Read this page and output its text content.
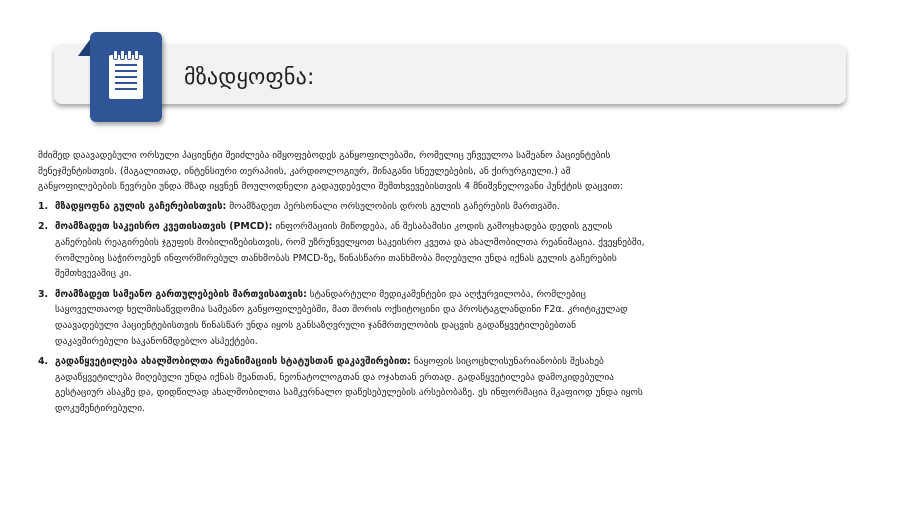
მზადყოფნა:

მძიმედ დაავადებული ორსული პაციენტი შეიძლება იმყოფებოდეს განყოფილებაში, რომელიც უჩვეულოა სამეანო პაციენტების მენეჯმენტისთვის. (მაგალითად, ინტენსიური თერაპიის, კარდიოლოგიურ, შინაგანი სნეულებების, ან ქირურგიული.) ამ განყოფილებების წევრები უნდა მზად იყვნენ მოულოდნელი გადაუდებელი შემთხვევებისთვის 4 მნიშვნელოვანი პუნქტის დაცვით:

1. მზადყოფნა გულის გაჩერებისთვის: მოამზადეთ პერსონალი ორსულობის დროს გულის გაჩერების მართვაში.
2. მოამზადეთ საკეისრო კვეთისათვის (PMCD): ინფორმაციის მიწოდება, ან შესაბამისი კოდის გამოცხადება დედის გულის გაჩერების რეაგირების ჯგუფის მობილიზებისთვის, რომ უზრუნველყოთ საკეისრო კვეთა და ახალშობილთა რეანიმაცია. ქვეყნებში, რომლებიც საჭიროებენ ინფორმირებულ თანხმობას PMCD-ზე, წინასწარი თანხმობა მიღებული უნდა იქნას გულის გაჩერების შემთხვევაშიც კი.
3. მოამზადეთ სამეანო გართულებების მართვისათვის: სტანდარტული მედიკამენტები და აღჭურვილობა, რომლებიც საყოველთაოდ ხელმისაწვდომია სამეანო განყოფილებებში, მათ შორის ოქსიტოცინი და პროსტაგლანდინი F2α. კრიტიკულად დაავადებული პაციენტებისთვის წინასწარ უნდა იყოს განსაზღვრული ჯანმრთელობის დაცვის გადაწყვეტილებებთან დაკავშირებული საკანონმდებლო ასპექტები.
4. გადაწყვეტილება ახალშობილთა რეანიმაციის სტატუსთან დაკავშირებით: ნაყოფის სიცოცხლისუნარიანობის შესახებ გადაწყვეტილება მიღებული უნდა იქნას მეანთან, ნეონატოლოგთან და ოჯახთან ერთად. გადაწყვეტილება დამოკიდებულია გესტაციურ ასაკზე და, დიდწილად ახალშობილთა სამკურნალო დაწესებულების არსებობაზე. ეს ინფორმაცია მკაფიოდ უნდა იყოს დოკუმენტირებული.
